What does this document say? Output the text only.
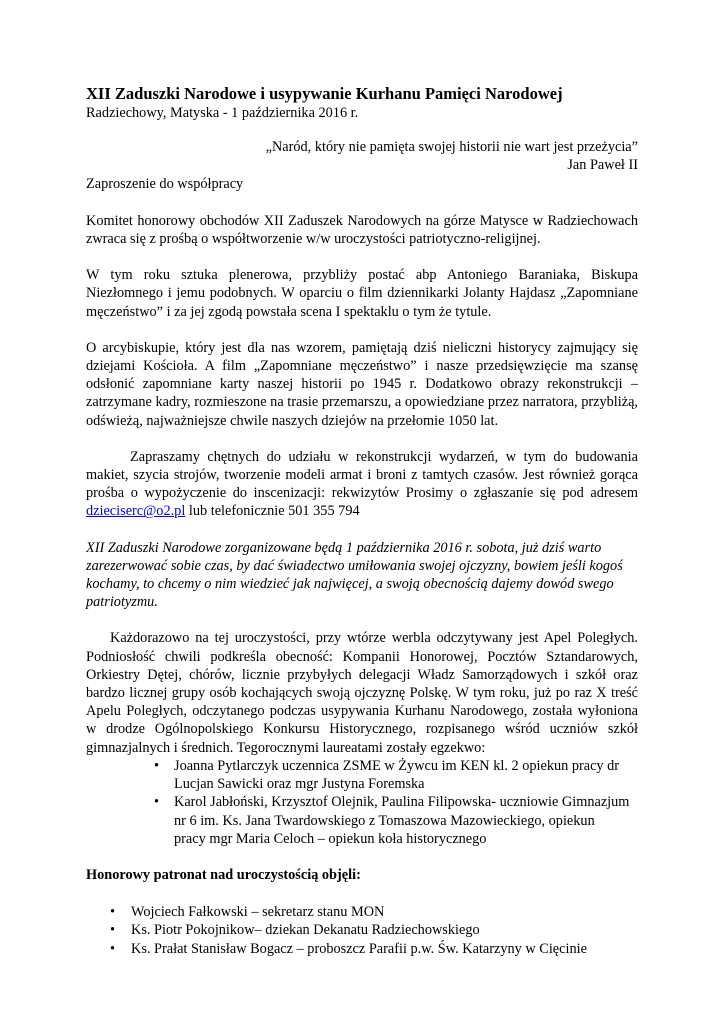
XII Zaduszki Narodowe i usypywanie Kurhanu Pamięci Narodowej

Radziechowy, Matyska - 1 października 2016 r.

„Naród, który nie pamięta swojej historii nie wart jest przeżycia”

Jan Paweł II

Zaproszenie do współpracy

Komitet honorowy obchodów XII Zaduszek Narodowych na górze Matysce w Radziechowach zwraca się z prośbą o współtworzenie w/w uroczystości patriotyczno-religijnej.

W tym roku sztuka plenerowa, przybliży postać abp Antoniego Baraniaka, Biskupa Niezłomnego i jemu podobnych. W oparciu o film dziennikarki Jolanty Hajdasz „Zapomniane męczeństwo” i za jej zgodą powstała scena I spektaklu o tym że tytule.

O arcybiskupie, który jest dla nas wzorem, pamiętają dziś nieliczni historycy zajmujący się dziejami Kościoła. A film „Zapomniane męczeństwo” i nasze przedsięwzięcie ma szansę odsłonić zapomniane karty naszej historii po 1945 r. Dodatkowo obrazy rekonstrukcji – zatrzymane kadry, rozmieszone na trasie przemarszu, a opowiedziane przez narratora, przybliżą, odświeżą, najważniejsze chwile naszych dziejów na przełomie 1050 lat.

Zapraszamy chętnych do udziału w rekonstrukcji wydarzeń, w tym do budowania makiet, szycia strojów, tworzenie modeli armat i broni z tamtych czasów. Jest również gorąca prośba o wypożyczenie do inscenizacji: rekwizytów Prosimy o zgłaszanie się pod adresem dzieciserc@o2.pl lub telefonicznie 501 355 794

XII Zaduszki Narodowe zorganizowane będą 1 października 2016 r. sobota, już dziś warto zarezerwować sobie czas, by dać świadectwo umiłowania swojej ojczyzny, bowiem jeśli kogoś kochamy, to chcemy o nim wiedzieć jak najwięcej, a swoją obecnością dajemy dowód swego patriotyzmu.

Każdorazowo na tej uroczystości, przy wtórze werbla odczytywany jest Apel Poległych. Podniosłość chwili podkreśla obecność: Kompanii Honorowej, Pocztów Sztandarowych, Orkiestry Dętej, chórów, licznie przybyłych delegacji Władz Samorządowych i szkół oraz bardzo licznej grupy osób kochających swoją ojczyznę Polskę. W tym roku, już po raz X treść Apelu Poległych, odczytanego podczas usypywania Kurhanu Narodowego, została wyłoniona w drodze Ogólnopolskiego Konkursu Historycznego, rozpisanego wśród uczniów szkół gimnazjalnych i średnich. Tegorocznymi laureatami zostały egzekwo:

• Joanna Pytlarczyk uczennica ZSME w Żywcu im KEN kl. 2 opiekun pracy dr
Lucjan Sawicki oraz mgr Justyna Foremska
• Karol Jabłoński, Krzysztof Olejnik, Paulina Filipowska- uczniowie Gimnazjum
nr 6 im. Ks. Jana Twardowskiego z Tomaszowa Mazowieckiego, opiekun
pracy mgr Maria Celoch – opiekun koła historycznego

Honorowy patronat nad uroczystością objęli:

• Wojciech Fałkowski – sekretarz stanu MON
• Ks. Piotr Pokojnikow– dziekan Dekanatu Radziechowskiego
• Ks. Prałat Stanisław Bogacz – proboszcz Parafii p.w. Św. Katarzyny w Cięcinie
